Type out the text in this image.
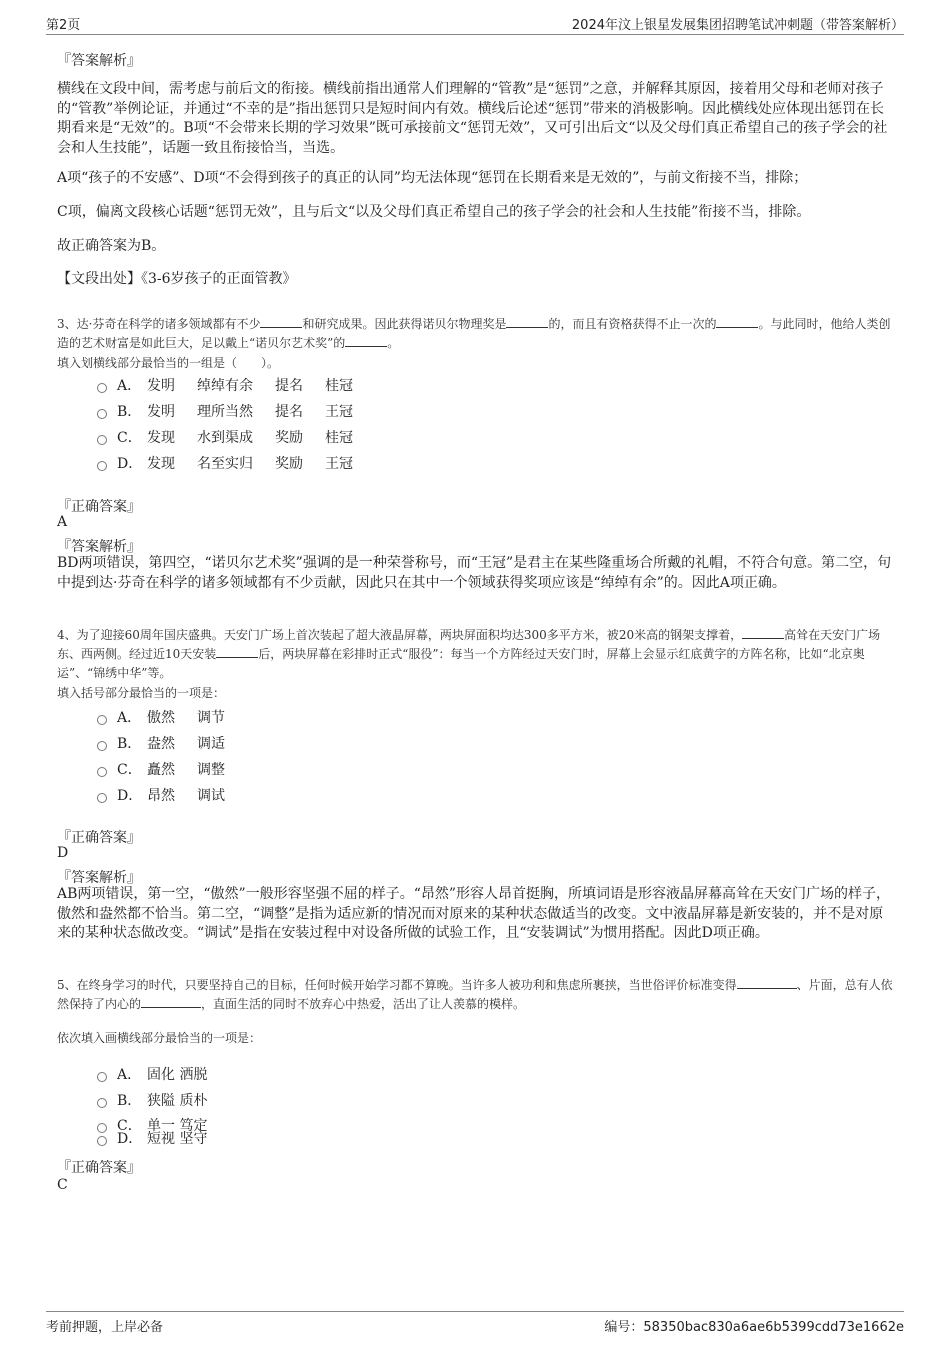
第2页	2024年汶上银星发展集团招聘笔试冲刺题（带答案解析）
『答案解析』
横线在文段中间，需考虑与前后文的衔接。横线前指出通常人们理解的“管教”是“惩罚”之意，并解释其原因，接着用父母和老师对孩子的“管教”举例论证，并通过“不幸的是”指出惩罚只是短时间内有效。横线后论述“惩罚”带来的消极影响。因此横线处应体现出惩罚在长期看来是“无效”的。B项“不会带来长期的学习效果”既可承接前文“惩罚无效”，又可引出后文“以及父母们真正希望自己的孩子学会的社会和人生技能”，话题一致且衔接恰当，当选。
A项“孩子的不安感”、D项“不会得到孩子的真正的认同”均无法体现“惩罚在长期看来是无效的”，与前文衔接不当，排除；
C项，偏离文段核心话题“惩罚无效”，且与后文“以及父母们真正希望自己的孩子学会的社会和人生技能”衔接不当，排除。
故正确答案为B。
【文段出处】《3-6岁孩子的正面管教》
3、达·芬奇在科学的诸多领域都有不少	和研究成果。因此获得诺贝尔物理奖是	的，而且有资格获得不止一次的	。与此同时，他给人类创造的艺术财富是如此巨大，足以戴上“诺贝尔艺术奖”的	。
填入划横线部分最恰当的一组是（　　）。
A． 发明 绰绰有余 提名 桂冠
B． 发明 理所当然 提名 王冠
C． 发现 水到渠成 奖励 桂冠
D． 发现 名至实归 奖励 王冠
『正确答案』
A
『答案解析』
BD两项错误，第四空，“诺贝尔艺术奖”强调的是一种荣誉称号，而“王冠”是君主在某些隆重场合所戴的礼帽，不符合句意。第二空，句中提到达·芬奇在科学的诸多领域都有不少贡献，因此只在其中一个领域获得奖项应该是“绰绰有余”的。因此A项正确。
4、为了迎接60周年国庆盛典。天安门广场上首次装起了超大液晶屏幕，两块屏面积均达300多平方米，被20米高的钢架支撑着，	高耸在天安门广场东、西两侧。经过近10天安装	后，两块屏幕在彩排时正式“服役”：每当一个方阵经过天安门时，屏幕上会显示红底黄字的方阵名称，比如“北京奥运”、“锦绣中华”等。
填入括号部分最恰当的一项是：
A． 傲然 调节
B． 盎然 调适
C． 矗然 调整
D． 昂然 调试
『正确答案』
D
『答案解析』
AB两项错误，第一空，“傲然”一般形容坚强不屈的样子。“昂然”形容人昂首挺胸，所填词语是形容液晶屏幕高耸在天安门广场的样子，傲然和盎然都不恰当。第二空，“调整”是指为适应新的情况而对原来的某种状态做适当的改变。文中液晶屏幕是新安装的，并不是对原来的某种状态做改变。“调试”是指在安装过程中对设备所做的试验工作，且“安装调试”为惯用搭配。因此D项正确。
5、在终身学习的时代，只要坚持自己的目标，任何时候开始学习都不算晚。当许多人被功利和焦虑所裹挟，当世俗评价标准变得	、片面，总有人依然保持了内心的	，直面生活的同时不放弃心中热爱，活出了让人羡慕的模样。
依次填入画横线部分最恰当的一项是：
A． 固化 洒脱
B． 狭隘 质朴
C． 单一 笃定
D． 短视 坚守
『正确答案』
C
考前押题，上岸必备	编号：58350bac830a6ae6b5399cdd73e1662e
